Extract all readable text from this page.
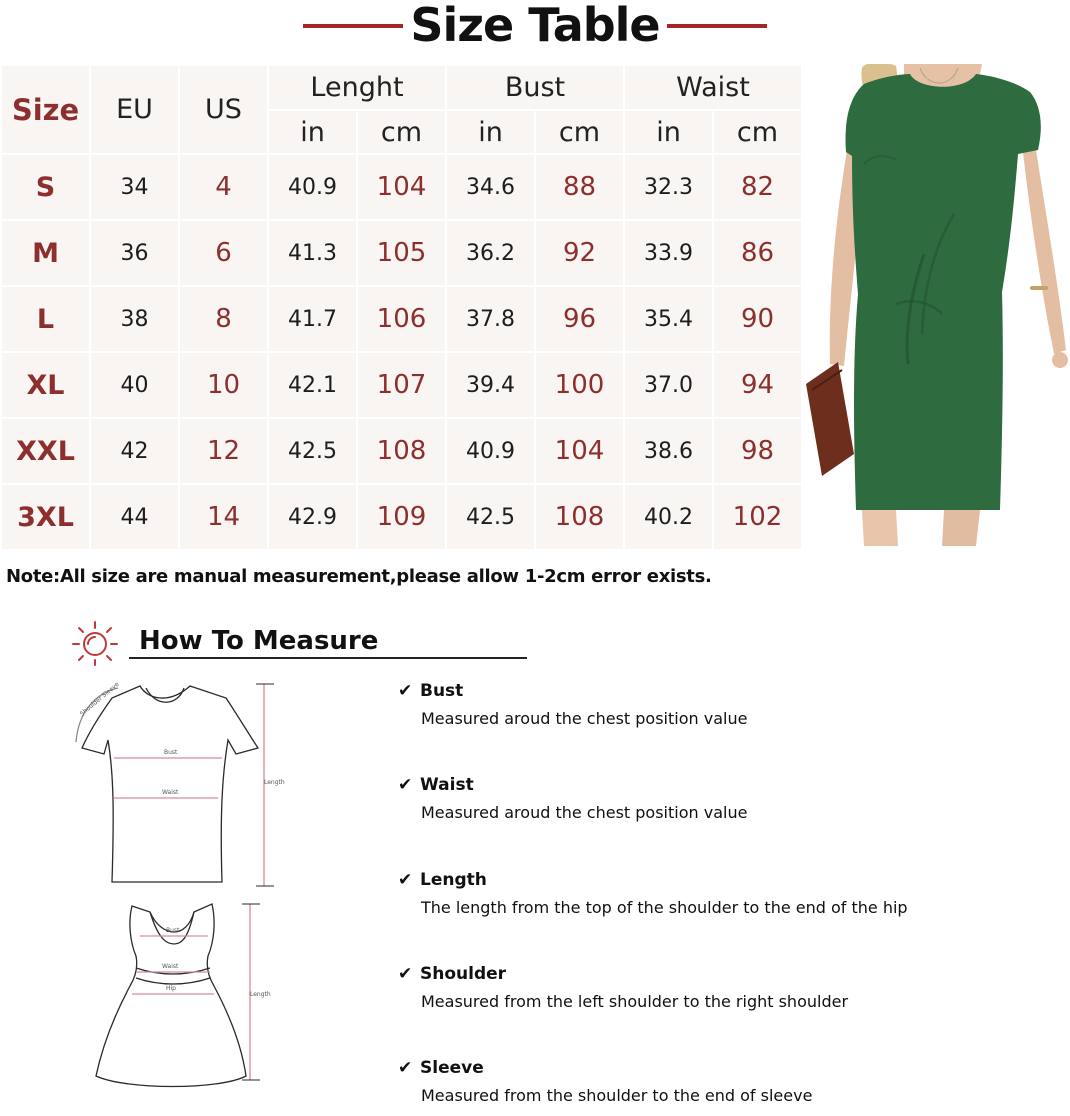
Size Table
Size	EU	US	Lenght		Bust		Waist	
			in	cm	in	cm	in	cm
S	34	4	40.9	104	34.6	88	32.3	82
M	36	6	41.3	105	36.2	92	33.9	86
L	38	8	41.7	106	37.8	96	35.4	90
XL	40	10	42.1	107	39.4	100	37.0	94
XXL	42	12	42.5	108	40.9	104	38.6	98
3XL	44	14	42.9	109	42.5	108	40.2	102
Note:All size are manual measurement,please allow 1-2cm error exists.
How To Measure
Shoulder Sleeve
Bust
Waist
Length
Bust
Waist
Hip
Length
✔ Bust
Measured aroud the chest position value
✔ Waist
Measured aroud the chest position value
✔ Length
The length from the top of the shoulder to the end of the hip
✔ Shoulder
Measured from the left shoulder to the right shoulder
✔ Sleeve
Measured from the shoulder to the end of sleeve
